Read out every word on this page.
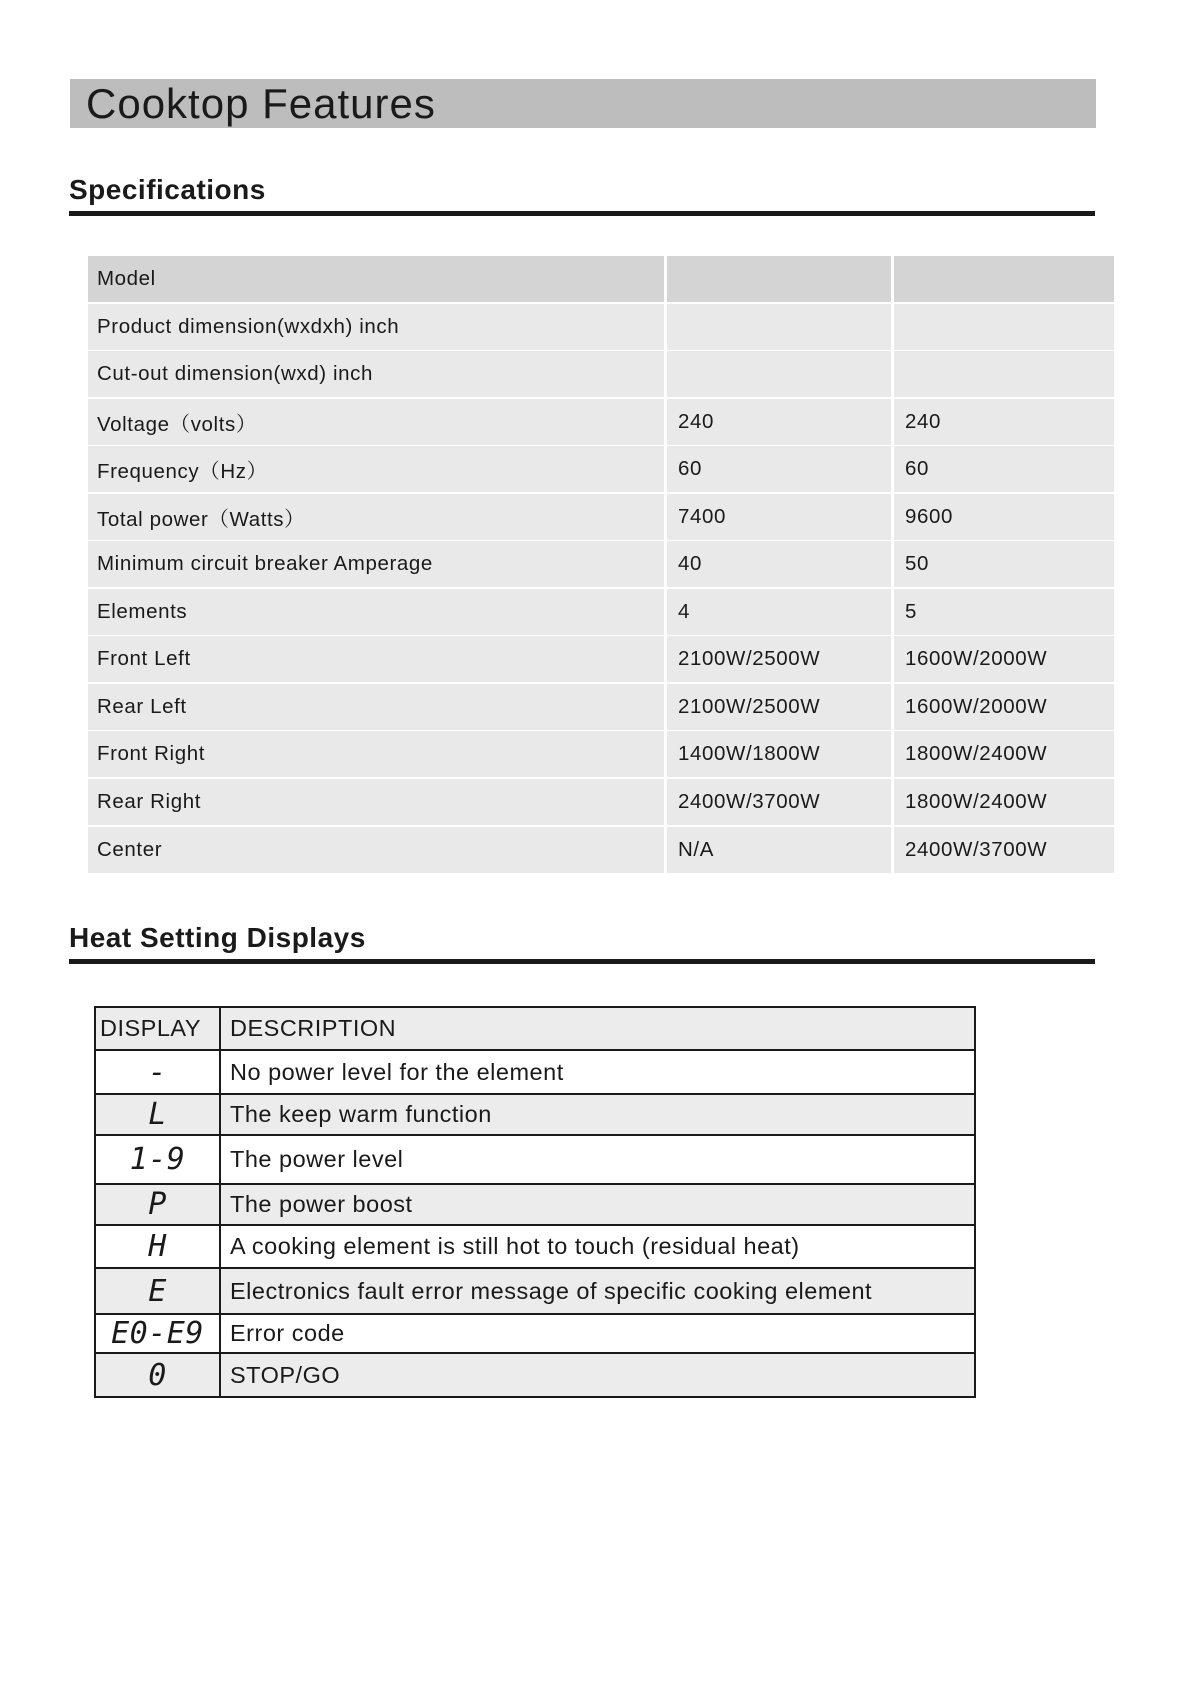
Cooktop Features
Specifications
Model
Product dimension(wxdxh) inch
Cut-out dimension(wxd) inch
Voltage（volts）	240	240
Frequency（Hz）	60	60
Total power（Watts）	7400	9600
Minimum circuit breaker Amperage	40	50
Elements	4	5
Front Left	2100W/2500W	1600W/2000W
Rear Left	2100W/2500W	1600W/2000W
Front Right	1400W/1800W	1800W/2400W
Rear Right	2400W/3700W	1800W/2400W
Center	N/A	2400W/3700W
Heat Setting Displays
DISPLAY	DESCRIPTION
-	No power level for the element
L	The keep warm function
1-9	The power level
P	The power boost
H	A cooking element is still hot to touch (residual heat)
E	Electronics fault error message of specific cooking element
E0-E9	Error code
0	STOP/GO
